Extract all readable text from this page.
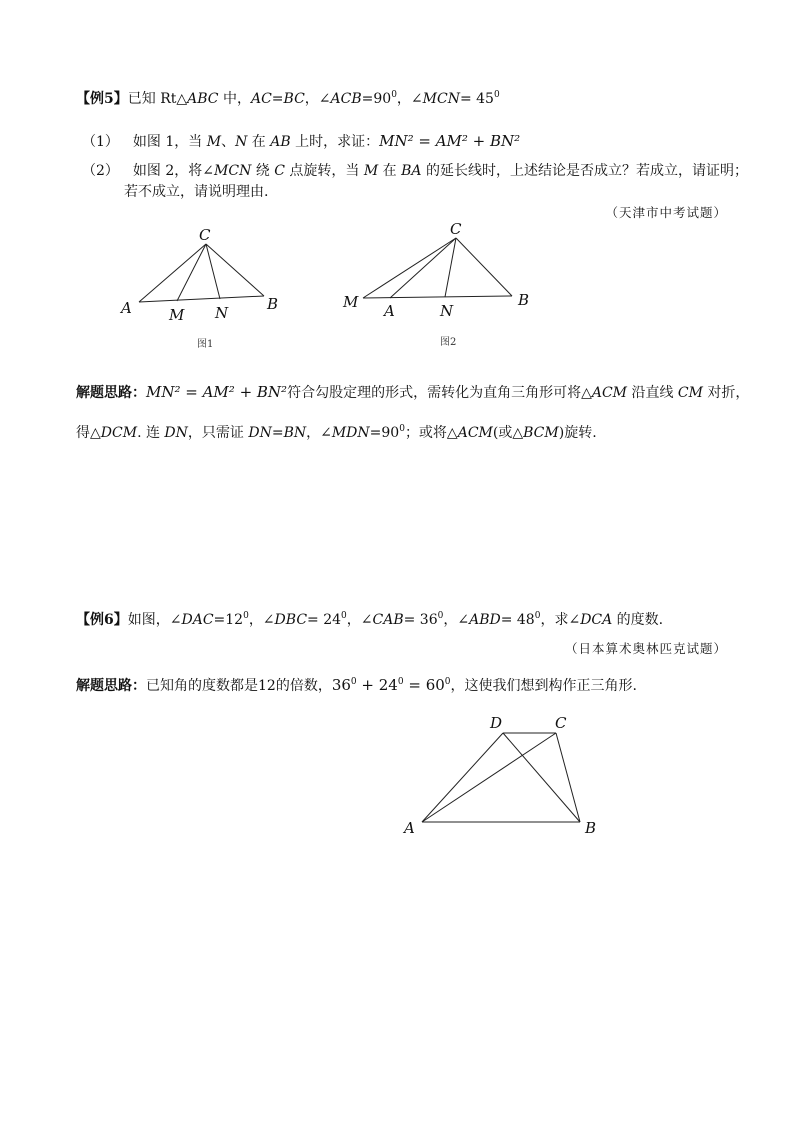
【例5】已知 Rt△ABC 中，AC=BC，$\angle ACB=90^0$，∠MCN= $45^0$
（1） 如图 1，当 M、N 在 AB 上时，求证：MN² = AM² + BN²
（2） 如图 2，将∠MCN 绕 C 点旋转，当 M 在 BA 的延长线时，上述结论是否成立？若成立，请证明；
若不成立，请说明理由.
（天津市中考试题）
C
A	B
M N
图1
C
M A	N
B
图2
D	C
A	B
解题思路：MN² = AM² + BN²符合勾股定理的形式，需转化为直角三角形可将△ACM 沿直线 CM 对折，
得△DCM. 连 DN，只需证 DN=BN，$\angle MDN=90^0$；或将△ACM(或△BCM)旋转.
【例6】如图，$\angle DAC=12^0$，∠DBC= $24^0$，∠CAB= $36^0$，∠ABD= $48^0$，求∠DCA 的度数.
（日本算术奥林匹克试题）
解题思路：已知角的度数都是12的倍数，$36^0 + 24^0 = 60^0$，这使我们想到构作正三角形.
